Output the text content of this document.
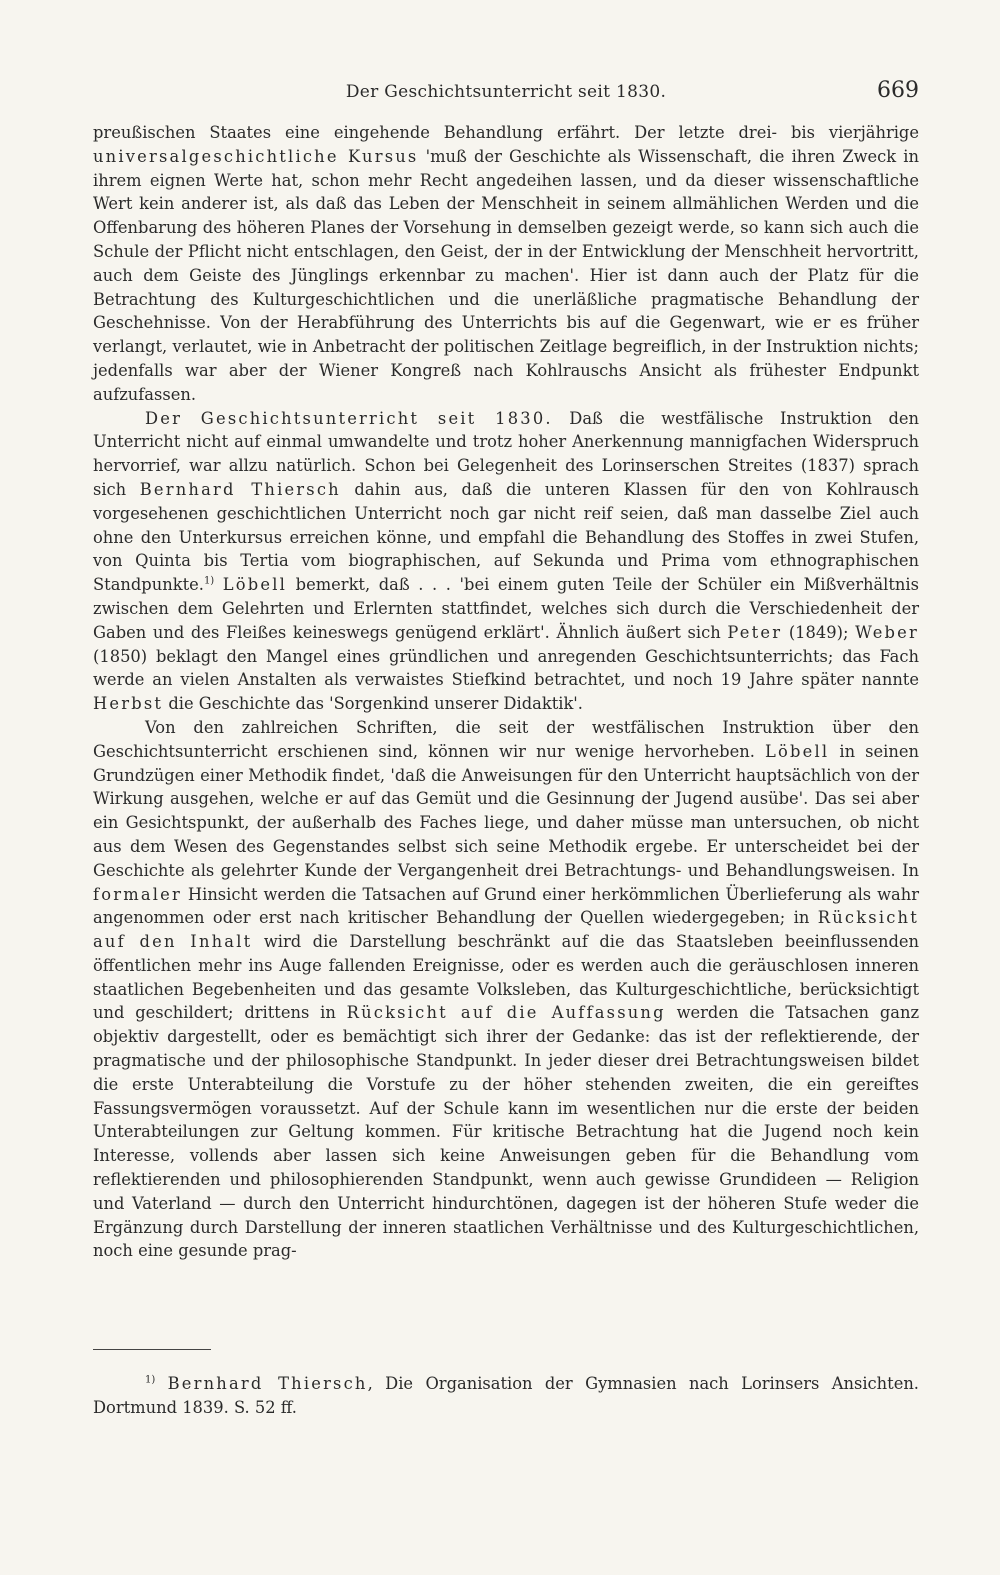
Der Geschichtsunterricht seit 1830.	669

preußischen Staates eine eingehende Behandlung erfährt. Der letzte drei- bis vierjährige universalgeschichtliche Kursus 'muß der Geschichte als Wissenschaft, die ihren Zweck in ihrem eignen Werte hat, schon mehr Recht angedeihen lassen, und da dieser wissenschaftliche Wert kein anderer ist, als daß das Leben der Menschheit in seinem allmählichen Werden und die Offenbarung des höheren Planes der Vorsehung in demselben gezeigt werde, so kann sich auch die Schule der Pflicht nicht entschlagen, den Geist, der in der Entwicklung der Menschheit hervortritt, auch dem Geiste des Jünglings erkennbar zu machen'. Hier ist dann auch der Platz für die Betrachtung des Kulturgeschichtlichen und die unerläßliche pragmatische Behandlung der Geschehnisse. Von der Herabführung des Unterrichts bis auf die Gegenwart, wie er es früher verlangt, verlautet, wie in Anbetracht der politischen Zeitlage begreiflich, in der Instruktion nichts; jedenfalls war aber der Wiener Kongreß nach Kohlrauschs Ansicht als frühester Endpunkt aufzufassen.

Der Geschichtsunterricht seit 1830. Daß die westfälische Instruktion den Unterricht nicht auf einmal umwandelte und trotz hoher Anerkennung mannigfachen Widerspruch hervorrief, war allzu natürlich. Schon bei Gelegenheit des Lorinserschen Streites (1837) sprach sich Bernhard Thiersch dahin aus, daß die unteren Klassen für den von Kohlrausch vorgesehenen geschichtlichen Unterricht noch gar nicht reif seien, daß man dasselbe Ziel auch ohne den Unterkursus erreichen könne, und empfahl die Behandlung des Stoffes in zwei Stufen, von Quinta bis Tertia vom biographischen, auf Sekunda und Prima vom ethnographischen Standpunkte.$^{1)}$ Löbell bemerkt, daß . . . 'bei einem guten Teile der Schüler ein Mißverhältnis zwischen dem Gelehrten und Erlernten stattfindet, welches sich durch die Verschiedenheit der Gaben und des Fleißes keineswegs genügend erklärt'. Ähnlich äußert sich Peter (1849); Weber (1850) beklagt den Mangel eines gründlichen und anregenden Geschichtsunterrichts; das Fach werde an vielen Anstalten als verwaistes Stiefkind betrachtet, und noch 19 Jahre später nannte Herbst die Geschichte das 'Sorgenkind unserer Didaktik'.

Von den zahlreichen Schriften, die seit der westfälischen Instruktion über den Geschichtsunterricht erschienen sind, können wir nur wenige hervorheben. Löbell in seinen Grundzügen einer Methodik findet, 'daß die Anweisungen für den Unterricht hauptsächlich von der Wirkung ausgehen, welche er auf das Gemüt und die Gesinnung der Jugend ausübe'. Das sei aber ein Gesichtspunkt, der außerhalb des Faches liege, und daher müsse man untersuchen, ob nicht aus dem Wesen des Gegenstandes selbst sich seine Methodik ergebe. Er unterscheidet bei der Geschichte als gelehrter Kunde der Vergangenheit drei Betrachtungs- und Behandlungsweisen. In formaler Hinsicht werden die Tatsachen auf Grund einer herkömmlichen Überlieferung als wahr angenommen oder erst nach kritischer Behandlung der Quellen wiedergegeben; in Rücksicht auf den Inhalt wird die Darstellung beschränkt auf die das Staatsleben beeinflussenden öffentlichen mehr ins Auge fallenden Ereignisse, oder es werden auch die geräuschlosen inneren staatlichen Begebenheiten und das gesamte Volksleben, das Kulturgeschichtliche, berücksichtigt und geschildert; drittens in Rücksicht auf die Auffassung werden die Tatsachen ganz objektiv dargestellt, oder es bemächtigt sich ihrer der Gedanke: das ist der reflektierende, der pragmatische und der philosophische Standpunkt. In jeder dieser drei Betrachtungsweisen bildet die erste Unterabteilung die Vorstufe zu der höher stehenden zweiten, die ein gereiftes Fassungsvermögen voraussetzt. Auf der Schule kann im wesentlichen nur die erste der beiden Unterabteilungen zur Geltung kommen. Für kritische Betrachtung hat die Jugend noch kein Interesse, vollends aber lassen sich keine Anweisungen geben für die Behandlung vom reflektierenden und philosophierenden Standpunkt, wenn auch gewisse Grundideen — Religion und Vaterland — durch den Unterricht hindurchtönen, dagegen ist der höheren Stufe weder die Ergänzung durch Darstellung der inneren staatlichen Verhältnisse und des Kulturgeschichtlichen, noch eine gesunde prag-

$^{1)}$ Bernhard Thiersch, Die Organisation der Gymnasien nach Lorinsers Ansichten. Dortmund 1839. S. 52 ff.
